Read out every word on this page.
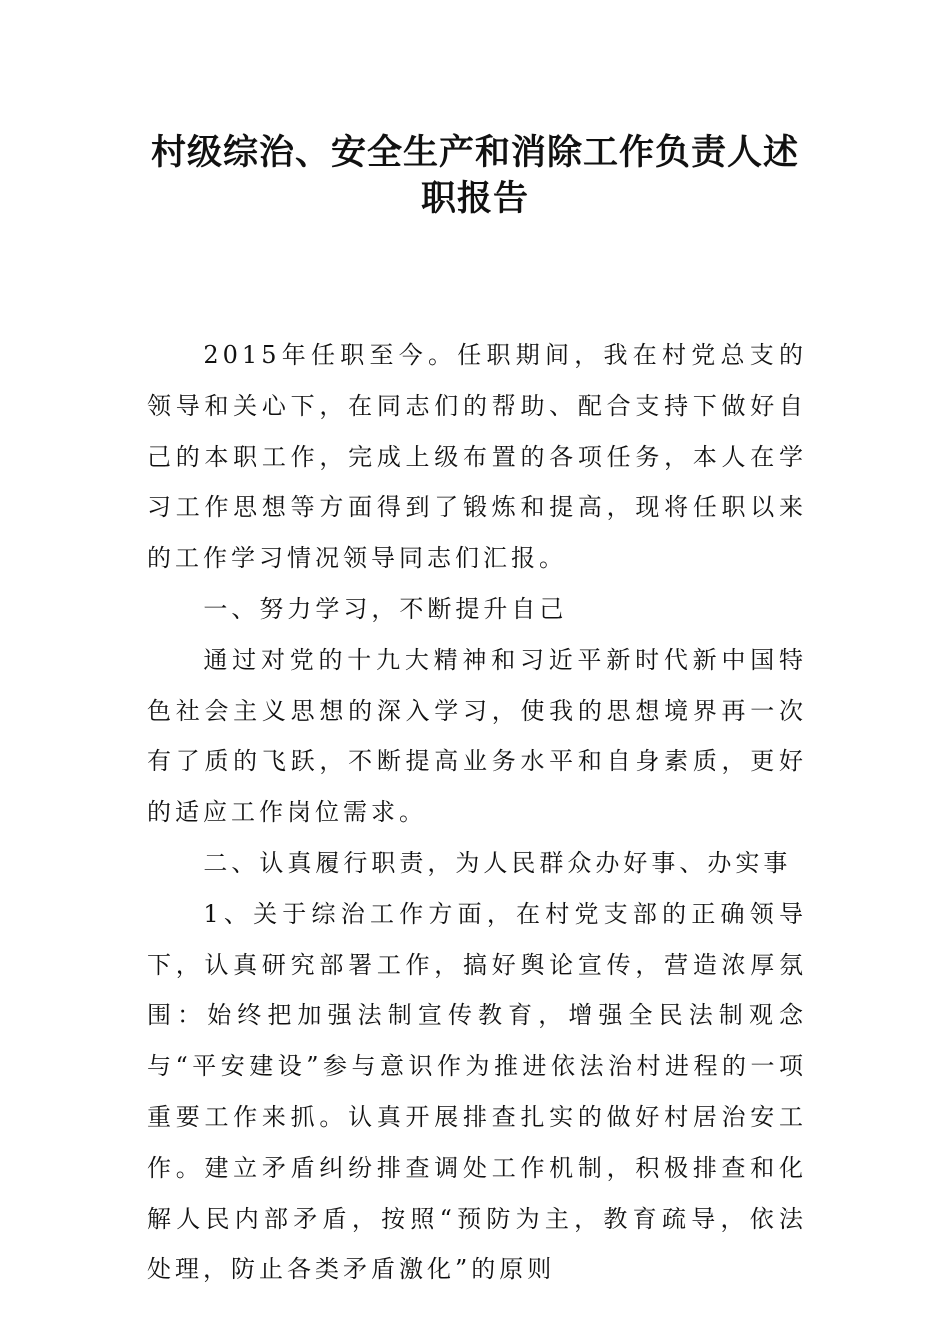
村级综治、安全生产和消除工作负责人述
职报告

2015年任职至今。任职期间，我在村党总支的领导和关心下，在同志们的帮助、配合支持下做好自己的本职工作，完成上级布置的各项任务，本人在学习工作思想等方面得到了锻炼和提高，现将任职以来的工作学习情况领导同志们汇报。

一、努力学习，不断提升自己

通过对党的十九大精神和习近平新时代新中国特色社会主义思想的深入学习，使我的思想境界再一次有了质的飞跃，不断提高业务水平和自身素质，更好的适应工作岗位需求。

二、认真履行职责，为人民群众办好事、办实事

1、关于综治工作方面，在村党支部的正确领导下，认真研究部署工作，搞好舆论宣传，营造浓厚氛围：始终把加强法制宣传教育，增强全民法制观念与“平安建设”参与意识作为推进依法治村进程的一项重要工作来抓。认真开展排查扎实的做好村居治安工作。建立矛盾纠纷排查调处工作机制，积极排查和化解人民内部矛盾，按照“预防为主，教育疏导，依法处理，防止各类矛盾激化”的原则
